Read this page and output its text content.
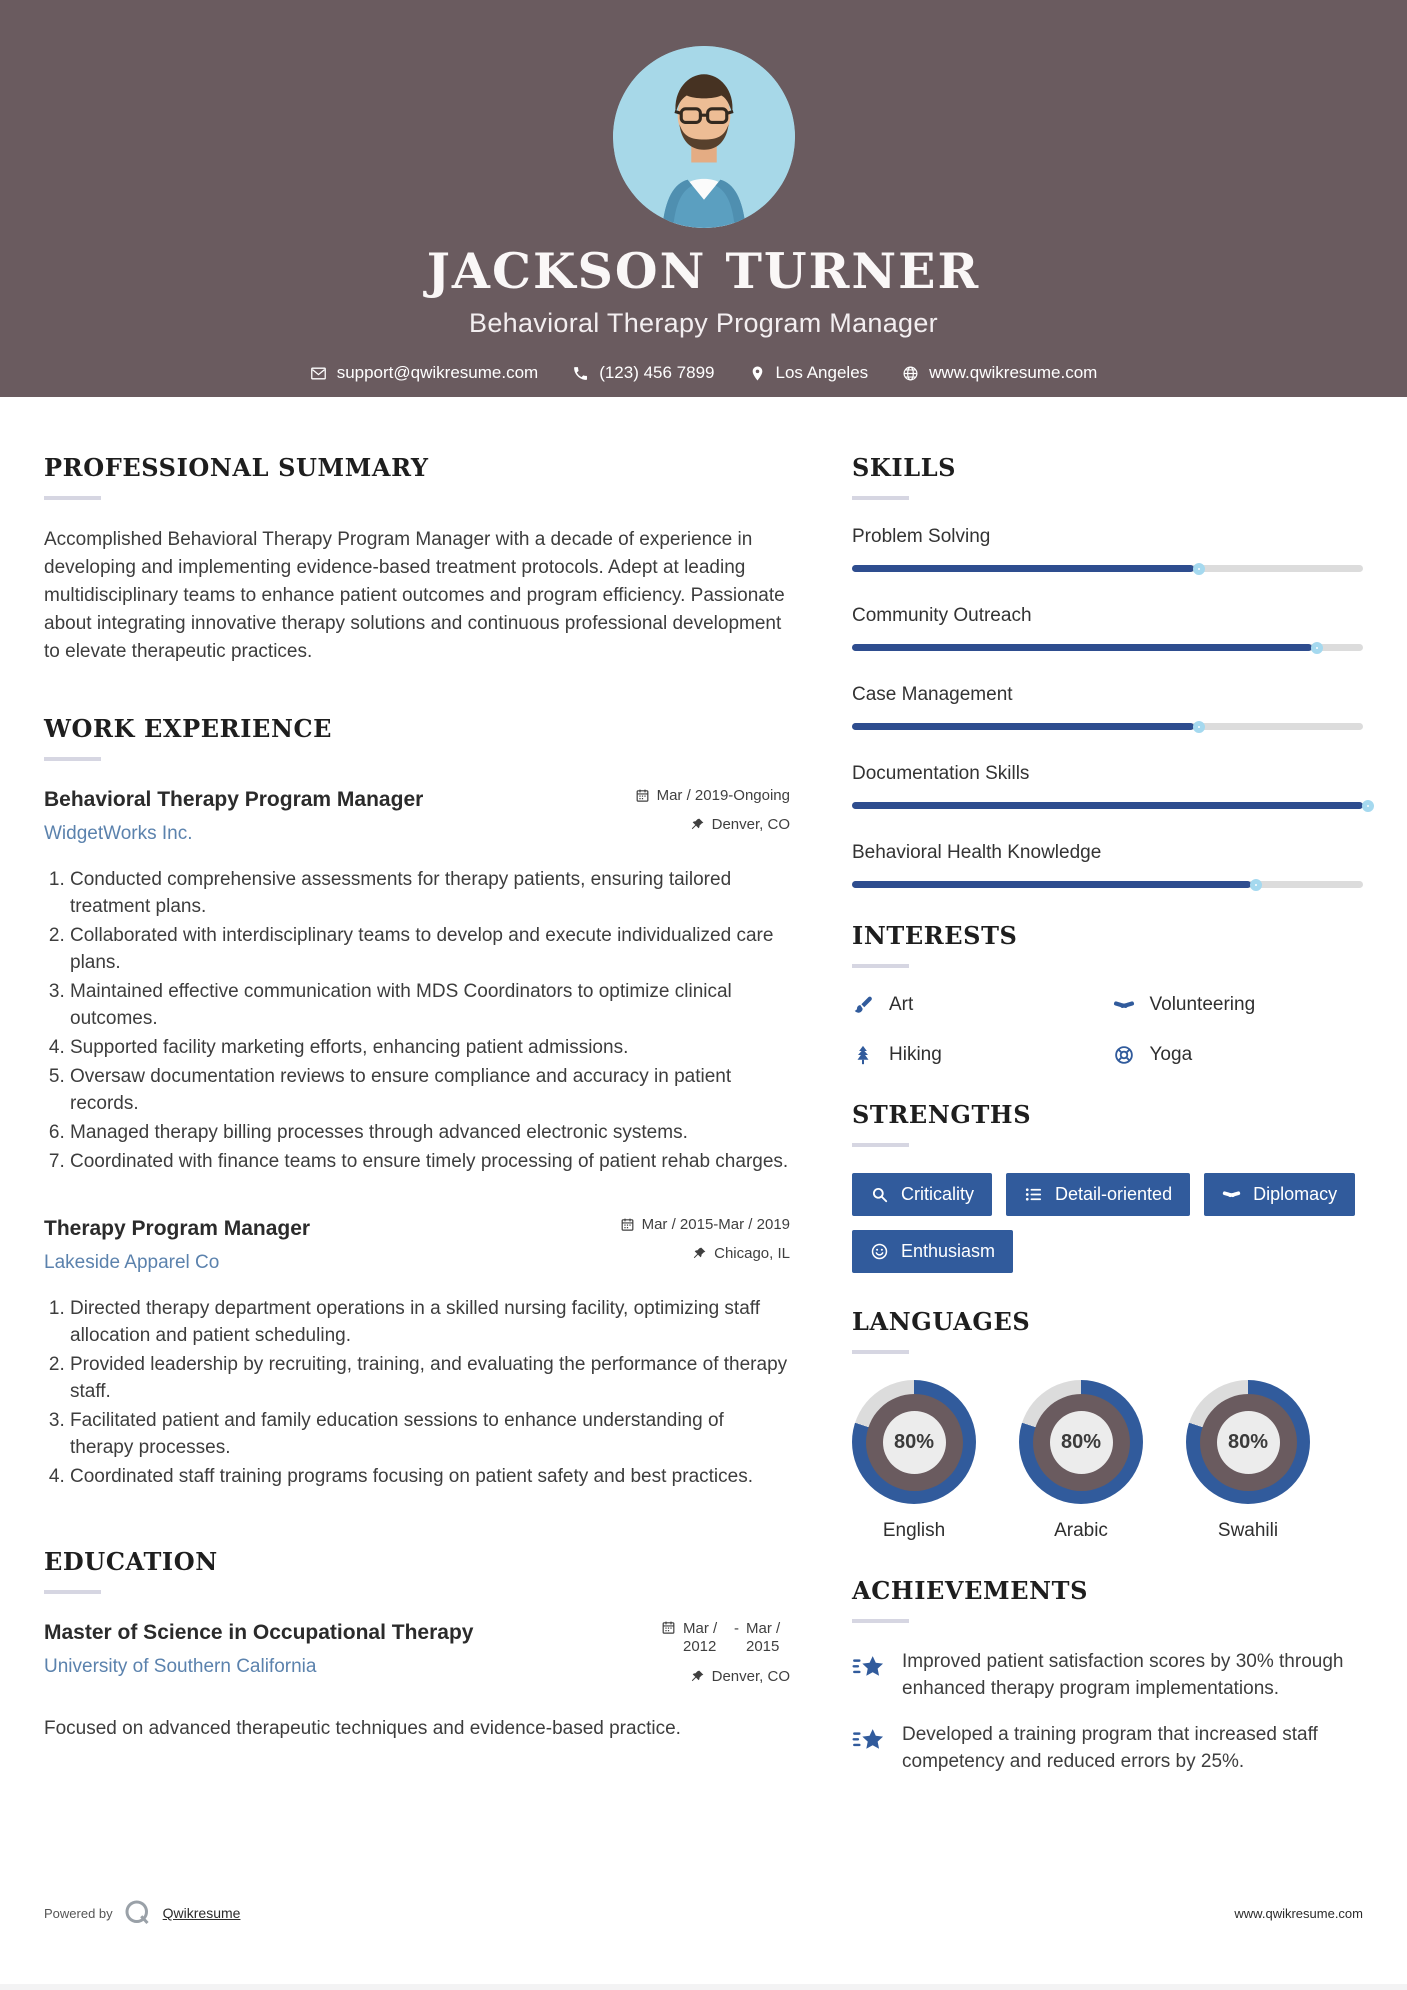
JACKSON TURNER
Behavioral Therapy Program Manager
support@qwikresume.com	(123) 456 7899	Los Angeles	www.qwikresume.com
PROFESSIONAL SUMMARY

Accomplished Behavioral Therapy Program Manager with a decade of experience in developing and implementing evidence-based treatment protocols. Adept at leading multidisciplinary teams to enhance patient outcomes and program efficiency. Passionate about integrating innovative therapy solutions and continuous professional development to elevate therapeutic practices.

WORK EXPERIENCE
Behavioral Therapy Program Manager
WidgetWorks Inc.
Mar / 2019-Ongoing
Denver, CO
1. Conducted comprehensive assessments for therapy patients, ensuring tailored treatment plans.
2. Collaborated with interdisciplinary teams to develop and execute individualized care plans.
3. Maintained effective communication with MDS Coordinators to optimize clinical outcomes.
4. Supported facility marketing efforts, enhancing patient admissions.
5. Oversaw documentation reviews to ensure compliance and accuracy in patient records.
6. Managed therapy billing processes through advanced electronic systems.
7. Coordinated with finance teams to ensure timely processing of patient rehab charges.
Therapy Program Manager
Lakeside Apparel Co
Mar / 2015-Mar / 2019
Chicago, IL
1. Directed therapy department operations in a skilled nursing facility, optimizing staff allocation and patient scheduling.
2. Provided leadership by recruiting, training, and evaluating the performance of therapy staff.
3. Facilitated patient and family education sessions to enhance understanding of therapy processes.
4. Coordinated staff training programs focusing on patient safety and best practices.
EDUCATION
Master of Science in Occupational Therapy
University of Southern California
Mar / 2012
- Mar / 2015
Denver, CO

Focused on advanced therapeutic techniques and evidence-based practice.

SKILLS
Problem Solving
Community Outreach
Case Management
Documentation Skills
Behavioral Health Knowledge
INTERESTS
Art	Volunteering
Hiking	Yoga
STRENGTHS
Criticality	Detail-oriented	Diplomacy
Enthusiasm
LANGUAGES
80%
English
80%
Arabic
80%
Swahili
ACHIEVEMENTS
Improved patient satisfaction scores by 30% through enhanced therapy program implementations.
Developed a training program that increased staff competency and reduced errors by 25%.
Powered by	Qwikresume	www.qwikresume.com
